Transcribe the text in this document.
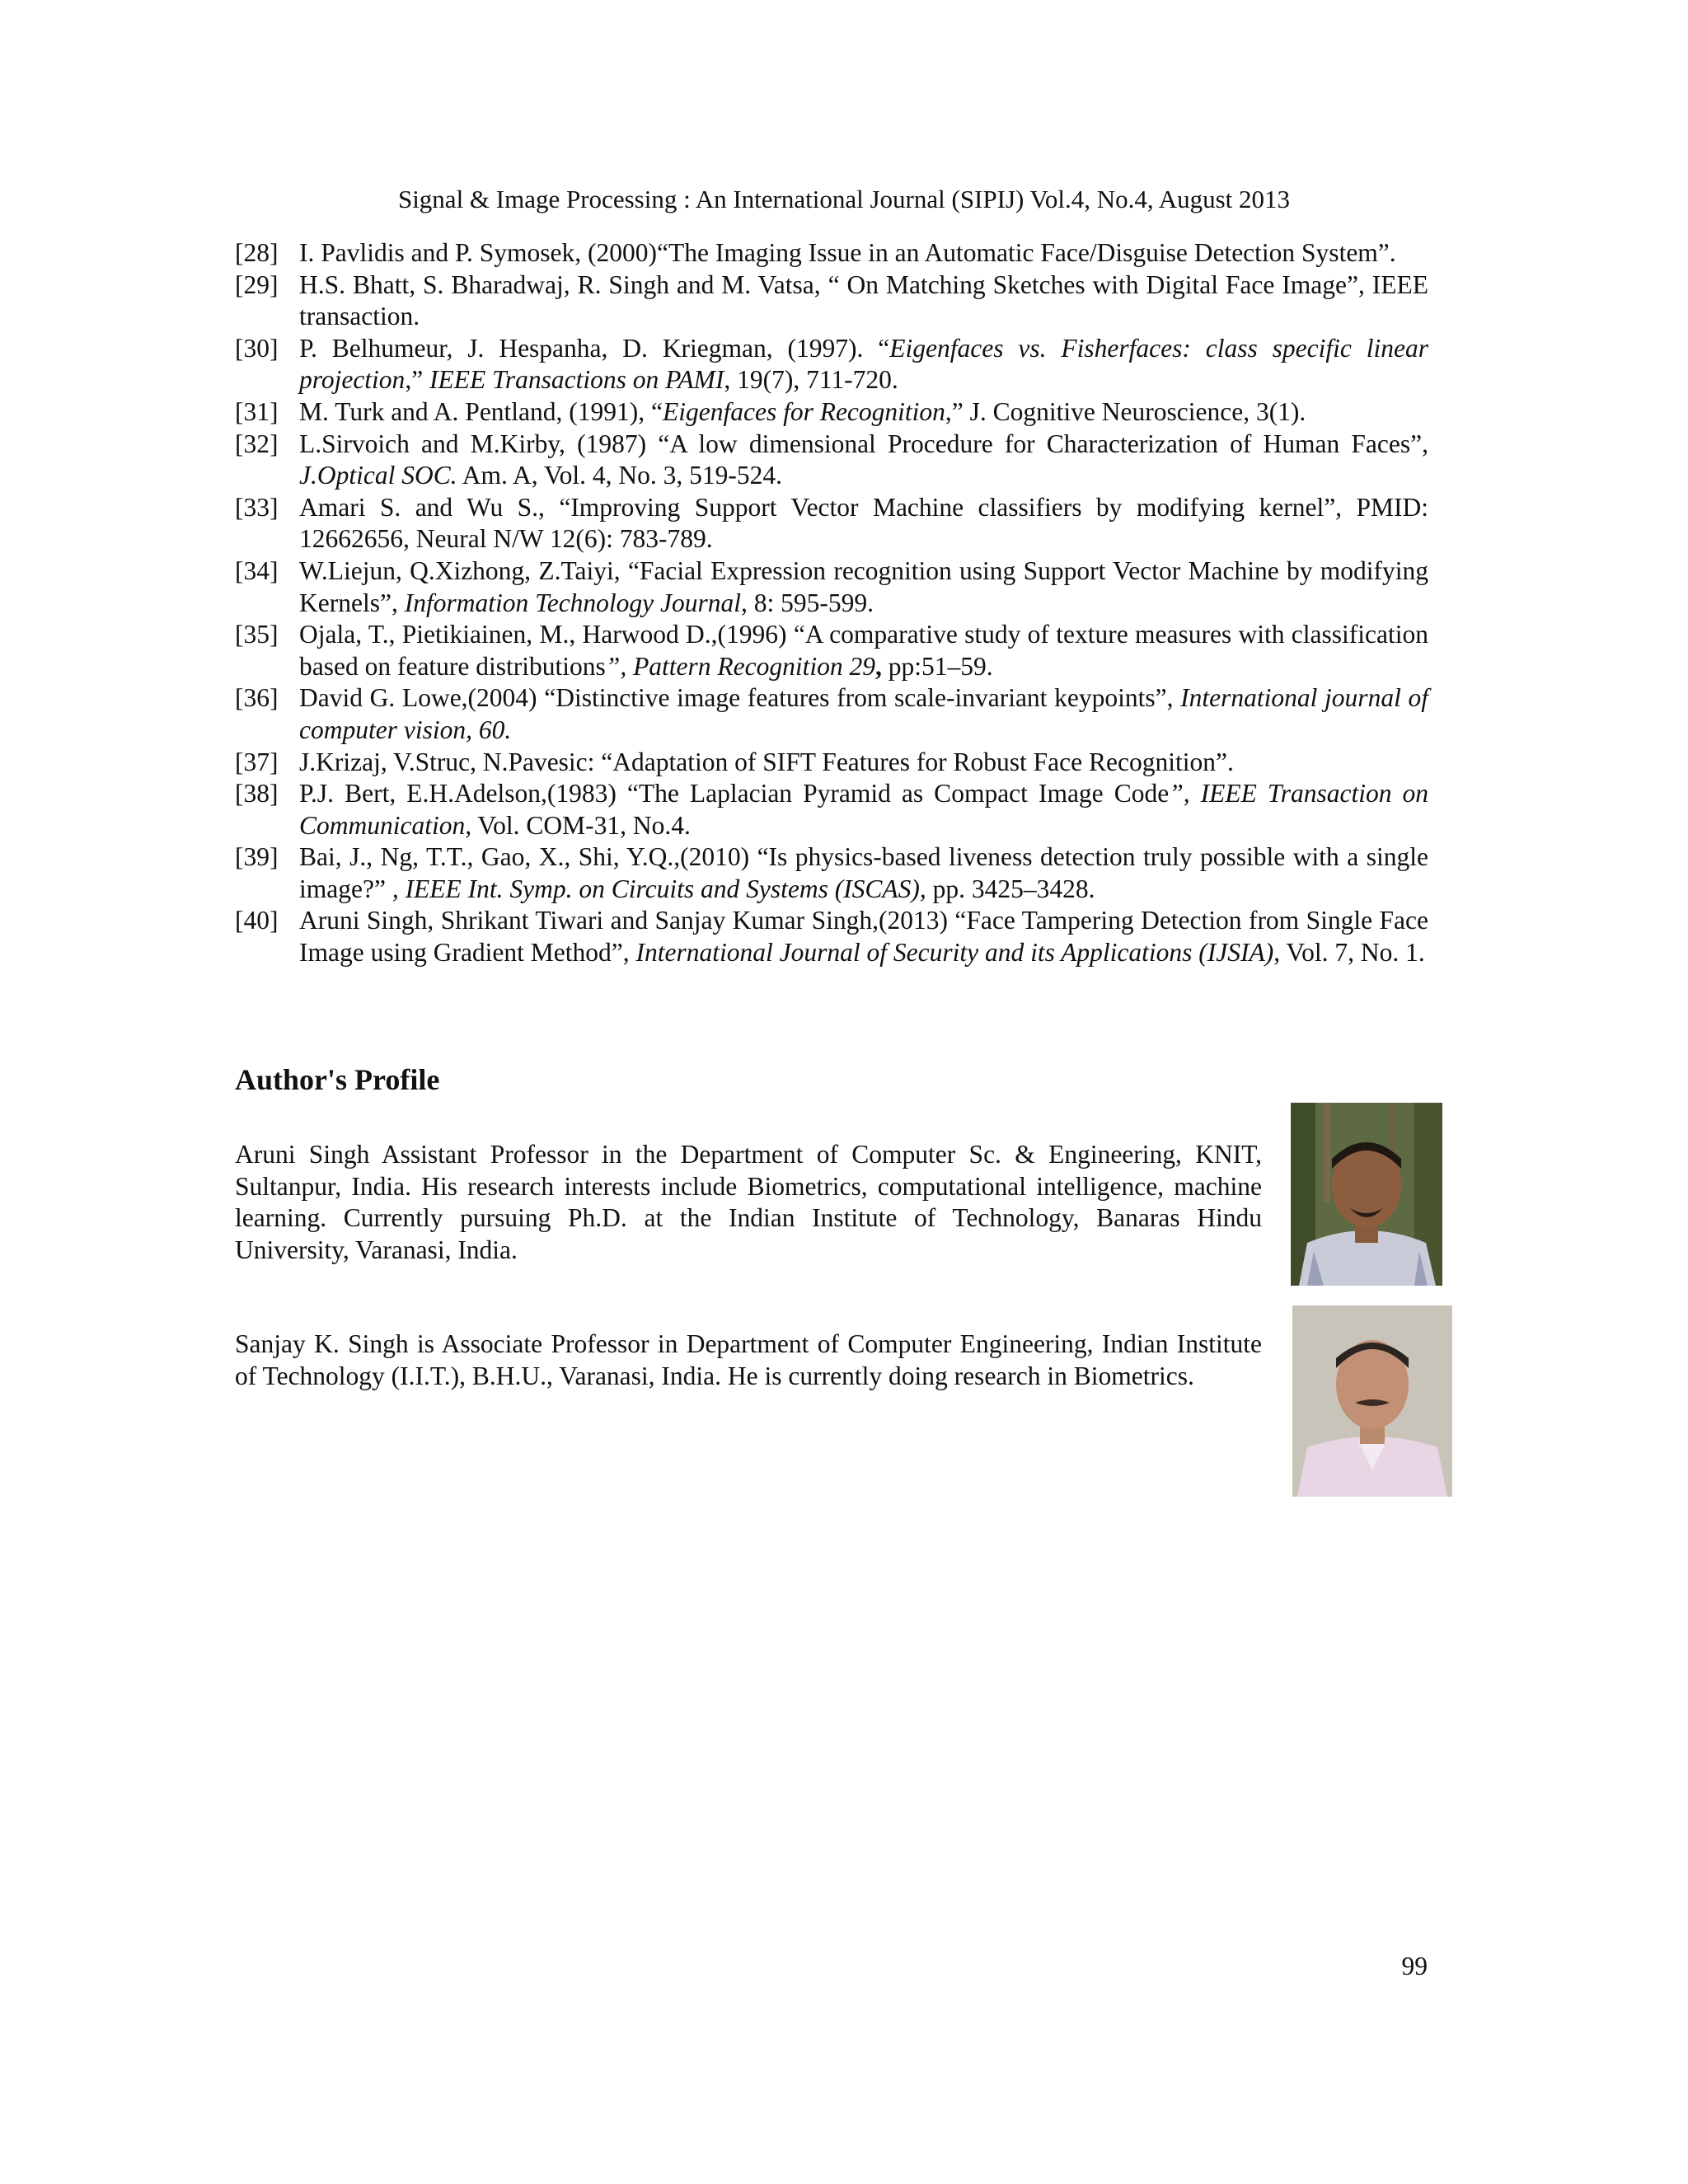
Signal & Image Processing : An International Journal (SIPIJ) Vol.4, No.4, August 2013
[28] I. Pavlidis and P. Symosek, (2000)“The Imaging Issue in an Automatic Face/Disguise Detection System”.
[29] H.S. Bhatt, S. Bharadwaj, R. Singh and M. Vatsa, “ On Matching Sketches with Digital Face Image”, IEEE transaction.
[30] P. Belhumeur, J. Hespanha, D. Kriegman, (1997). “Eigenfaces vs. Fisherfaces: class specific linear projection,” IEEE Transactions on PAMI, 19(7), 711-720.
[31] M. Turk and A. Pentland, (1991), “Eigenfaces for Recognition,” J. Cognitive Neuroscience, 3(1).
[32] L.Sirvoich and M.Kirby, (1987) “A low dimensional Procedure for Characterization of Human Faces”, J.Optical SOC. Am. A, Vol. 4, No. 3, 519-524.
[33] Amari S. and Wu S., “Improving Support Vector Machine classifiers by modifying kernel”, PMID: 12662656, Neural N/W 12(6): 783-789.
[34] W.Liejun, Q.Xizhong, Z.Taiyi, “Facial Expression recognition using Support Vector Machine by modifying Kernels”, Information Technology Journal, 8: 595-599.
[35] Ojala, T., Pietikiainen, M., Harwood D.,(1996) “A comparative study of texture measures with classification based on feature distributions”, Pattern Recognition 29, pp:51–59.
[36] David G. Lowe,(2004) “Distinctive image features from scale-invariant keypoints”, International journal of computer vision, 60.
[37] J.Krizaj, V.Struc, N.Pavesic: “Adaptation of SIFT Features for Robust Face Recognition”.
[38] P.J. Bert, E.H.Adelson,(1983) “The Laplacian Pyramid as Compact Image Code”, IEEE Transaction on Communication, Vol. COM-31, No.4.
[39] Bai, J., Ng, T.T., Gao, X., Shi, Y.Q.,(2010) “Is physics-based liveness detection truly possible with a single image?” , IEEE Int. Symp. on Circuits and Systems (ISCAS), pp. 3425–3428.
[40] Aruni Singh, Shrikant Tiwari and Sanjay Kumar Singh,(2013) “Face Tampering Detection from Single Face Image using Gradient Method”, International Journal of Security and its Applications (IJSIA), Vol. 7, No. 1.
Author's Profile
Aruni Singh Assistant Professor in the Department of Computer Sc. & Engineering, KNIT, Sultanpur, India. His research interests include Biometrics, computational intelligence, machine learning. Currently pursuing Ph.D. at the Indian Institute of Technology, Banaras Hindu University, Varanasi, India.
Sanjay K. Singh is Associate Professor in Department of Computer Engineering, Indian Institute of Technology (I.I.T.), B.H.U., Varanasi, India. He is currently doing research in Biometrics.
99
